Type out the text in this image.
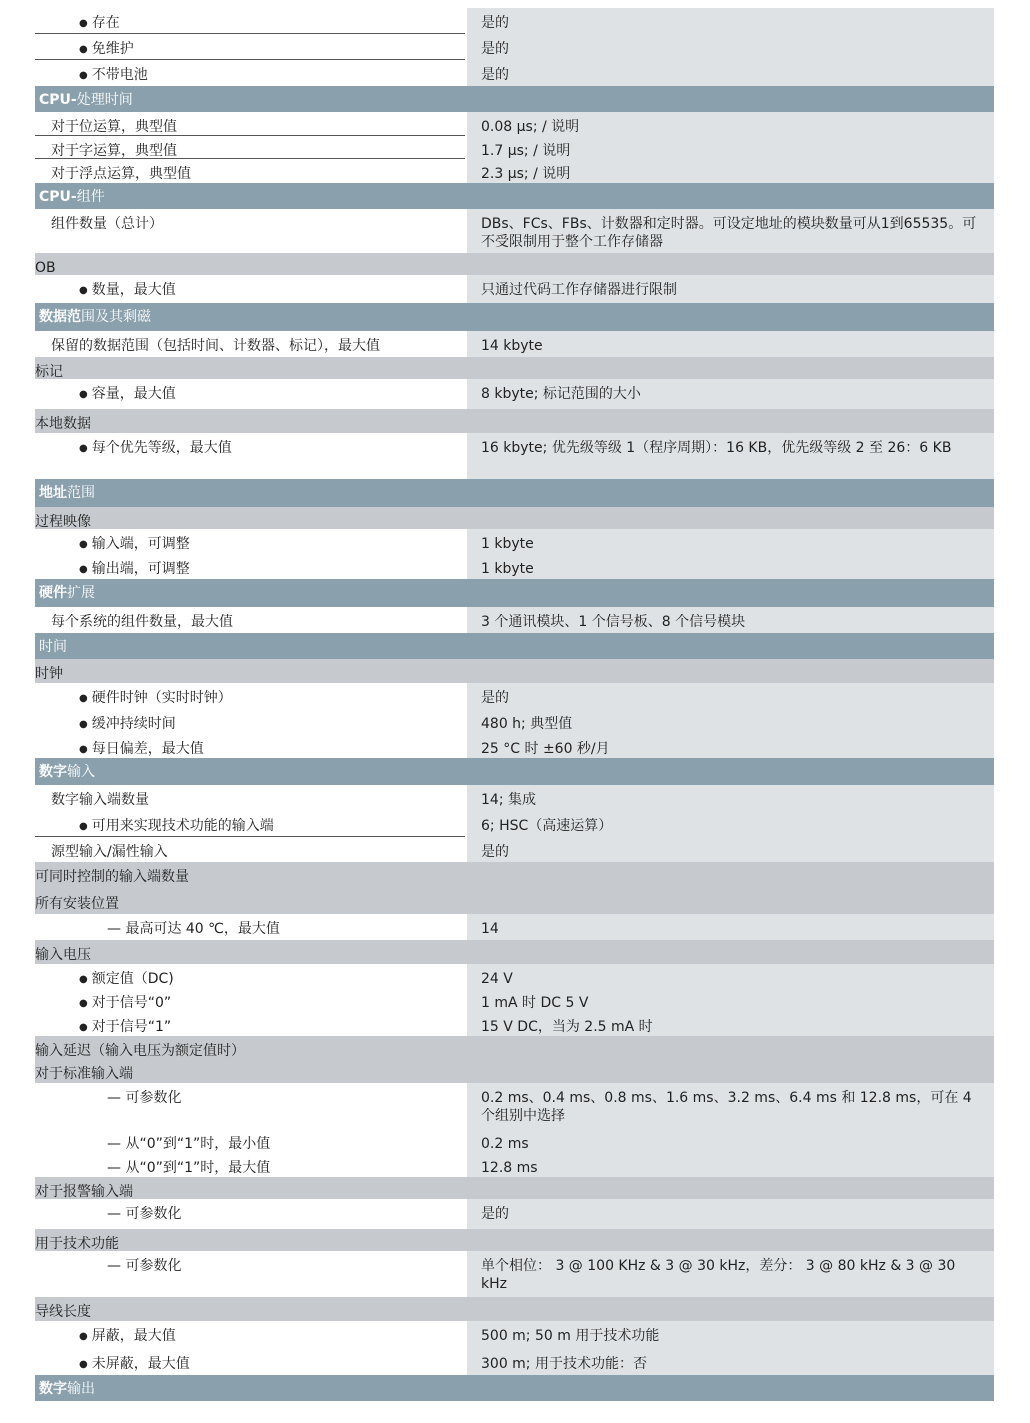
● 存在	是的
● 免维护	是的
● 不带电池	是的
CPU-处理时间
对于位运算，典型值	0.08 µs; / 说明
对于字运算，典型值	1.7 µs; / 说明
对于浮点运算，典型值	2.3 µs; / 说明
CPU-组件
组件数量（总计）	DBs、FCs、FBs、计数器和定时器。可设定地址的模块数量可从1到65535。可不受限制用于整个工作存储器
OB
● 数量，最大值	只通过代码工作存储器进行限制
数据范围及其剩磁
保留的数据范围（包括时间、计数器、标记），最大值	14 kbyte
标记
● 容量，最大值	8 kbyte; 标记范围的大小
本地数据
● 每个优先等级，最大值	16 kbyte; 优先级等级 1（程序周期）：16 KB，优先级等级 2 至 26：6 KB
地址范围
过程映像
● 输入端，可调整	1 kbyte
● 输出端，可调整	1 kbyte
硬件扩展
每个系统的组件数量，最大值	3 个通讯模块、1 个信号板、8 个信号模块
时间
时钟
● 硬件时钟（实时时钟）	是的
● 缓冲持续时间	480 h; 典型值
● 每日偏差，最大值	25 °C 时 ±60 秒/月
数字输入
数字输入端数量	14; 集成
● 可用来实现技术功能的输入端	6; HSC（高速运算）
源型输入/漏性输入	是的
可同时控制的输入端数量
所有安装位置
— 最高可达 40 ℃，最大值	14
输入电压
● 额定值（DC)	24 V
● 对于信号“0”	1 mA 时 DC 5 V
● 对于信号“1”	15 V DC，当为 2.5 mA 时
输入延迟（输入电压为额定值时）
对于标准输入端
— 可参数化	0.2 ms、0.4 ms、0.8 ms、1.6 ms、3.2 ms、6.4 ms 和 12.8 ms，可在 4 个组别中选择
— 从“0”到“1”时，最小值	0.2 ms
— 从“0”到“1”时，最大值	12.8 ms
对于报警输入端
— 可参数化	是的
用于技术功能
— 可参数化	单个相位： 3 @ 100 KHz & 3 @ 30 kHz，差分： 3 @ 80 kHz & 3 @ 30 kHz
导线长度
● 屏蔽，最大值	500 m; 50 m 用于技术功能
● 未屏蔽，最大值	300 m; 用于技术功能：否
数字输出
